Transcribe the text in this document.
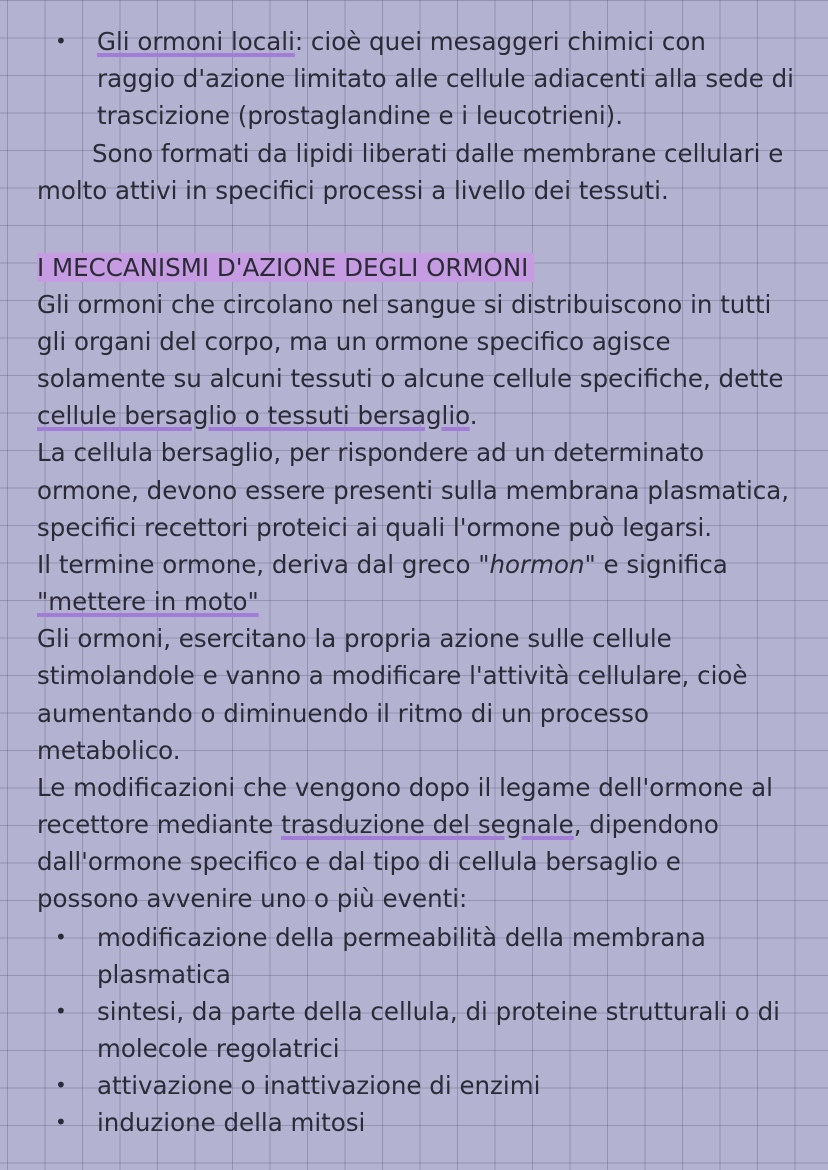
• Gli ormoni locali: cioè quei mesaggeri chimici con
raggio d'azione limitato alle cellule adiacenti alla sede di
trascizione (prostaglandine e i leucotrieni).
Sono formati da lipidi liberati dalle membrane cellulari e
molto attivi in specifici processi a livello dei tessuti.
I MECCANISMI D'AZIONE DEGLI ORMONI
Gli ormoni che circolano nel sangue si distribuiscono in tutti
gli organi del corpo, ma un ormone specifico agisce
solamente su alcuni tessuti o alcune cellule specifiche, dette
cellule bersaglio o tessuti bersaglio.
La cellula bersaglio, per rispondere ad un determinato
ormone, devono essere presenti sulla membrana plasmatica,
specifici recettori proteici ai quali l'ormone può legarsi.
Il termine ormone, deriva dal greco "hormon" e significa
"mettere in moto"
Gli ormoni, esercitano la propria azione sulle cellule
stimolandole e vanno a modificare l'attività cellulare, cioè
aumentando o diminuendo il ritmo di un processo
metabolico.
Le modificazioni che vengono dopo il legame dell'ormone al
recettore mediante trasduzione del segnale, dipendono
dall'ormone specifico e dal tipo di cellula bersaglio e
possono avvenire uno o più eventi:
• modificazione della permeabilità della membrana
plasmatica
• sintesi, da parte della cellula, di proteine strutturali o di
molecole regolatrici
• attivazione o inattivazione di enzimi
• induzione della mitosi
